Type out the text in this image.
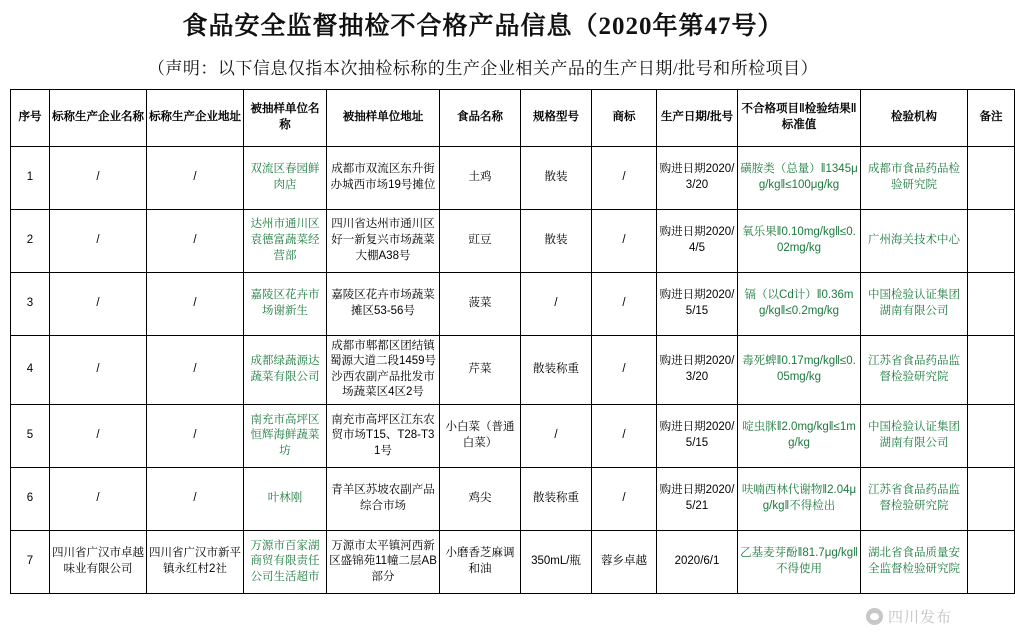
食品安全监督抽检不合格产品信息（2020年第47号）
（声明：以下信息仅指本次抽检标称的生产企业相关产品的生产日期/批号和所检项目）
序号	标称生产企业名称	标称生产企业地址	被抽样单位名称	被抽样单位地址	食品名称	规格型号	商标	生产日期/批号	不合格项目‖检验结果‖标准值	检验机构	备注
1	/	/	双流区春园鲜肉店	成都市双流区东升街办城西市场19号摊位	土鸡	散装	/	购进日期2020/3/20	磺胺类（总量）‖1345μg/kg‖≤100μg/kg	成都市食品药品检验研究院	
2	/	/	达州市通川区袁德富蔬菜经营部	四川省达州市通川区好一新复兴市场蔬菜大棚A38号	豇豆	散装	/	购进日期2020/4/5	氧乐果‖0.10mg/kg‖≤0.02mg/kg	广州海关技术中心	
3	/	/	嘉陵区花卉市场谢新生	嘉陵区花卉市场蔬菜摊区53-56号	菠菜	/	/	购进日期2020/5/15	镉（以Cd计）‖0.36mg/kg‖≤0.2mg/kg	中国检验认证集团湖南有限公司	
4	/	/	成都绿蔬源达蔬菜有限公司	成都市郫都区团结镇蜀源大道二段1459号沙西农副产品批发市场蔬菜区4区2号	芹菜	散装称重	/	购进日期2020/3/20	毒死蜱‖0.17mg/kg‖≤0.05mg/kg	江苏省食品药品监督检验研究院	
5	/	/	南充市高坪区恒辉海鲜蔬菜坊	南充市高坪区江东农贸市场T15、T28-T31号	小白菜（普通白菜）	/	/	购进日期2020/5/15	啶虫脒‖2.0mg/kg‖≤1mg/kg	中国检验认证集团湖南有限公司	
6	/	/	叶林刚	青羊区苏坡农副产品综合市场	鸡尖	散装称重	/	购进日期2020/5/21	呋喃西林代谢物‖2.04μg/kg‖不得检出	江苏省食品药品监督检验研究院	
7	四川省广汉市卓越味业有限公司	四川省广汉市新平镇永红村2社	万源市百家湖商贸有限责任公司生活超市	万源市太平镇河西新区盛锦苑11幢二层AB部分	小磨香芝麻调和油	350mL/瓶	蓉乡卓越	2020/6/1	乙基麦芽酚‖81.7μg/kg‖不得使用	湖北省食品质量安全监督检验研究院	
四川发布
